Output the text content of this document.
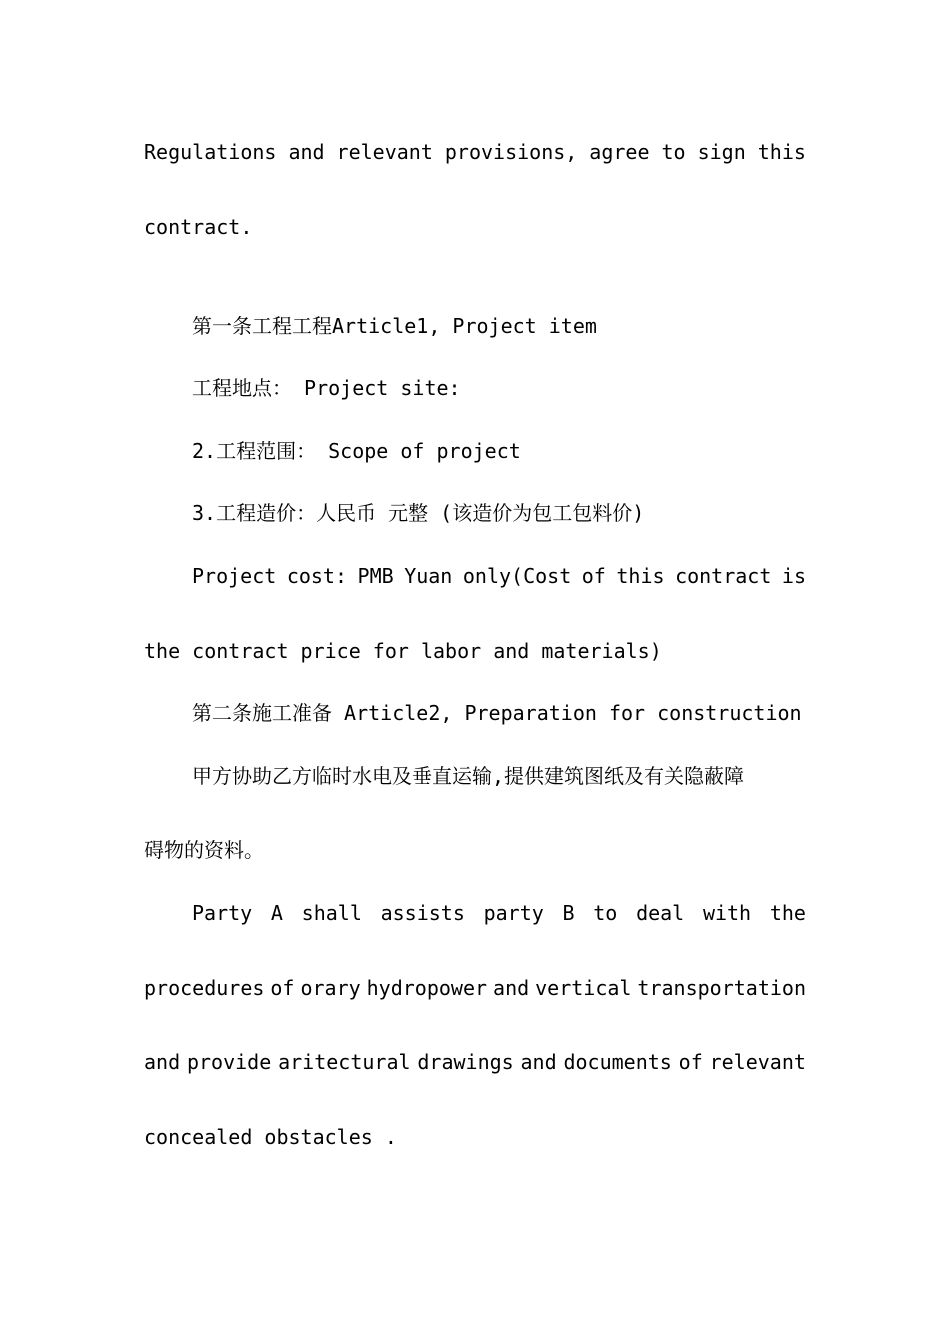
Regulations and relevant provisions, agree to sign this
contract.
第一条工程工程Article1, Project item
工程地点： Project site:
2.工程范围： Scope of project
3.工程造价：人民币 元整 (该造价为包工包料价)
Project cost: PMB Yuan only(Cost of this contract is
the contract price for labor and materials)
第二条施工准备 Article2, Preparation for construction
甲方协助乙方临时水电及垂直运输,提供建筑图纸及有关隐蔽障
碍物的资料。
Party A shall assists party B to deal with the
procedures of orary hydropower and vertical transportation
and provide aritectural drawings and documents of relevant
concealed obstacles .
